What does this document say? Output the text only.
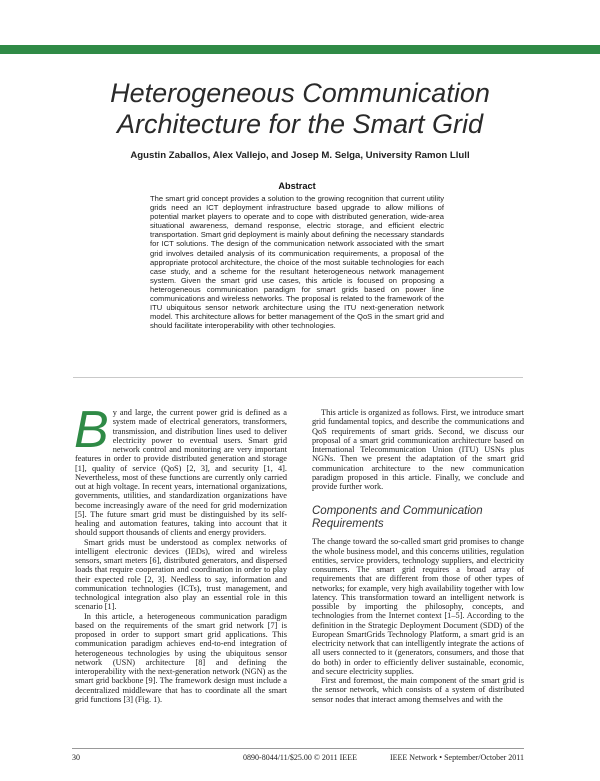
Heterogeneous Communication
Architecture for the Smart Grid
Agustin Zaballos, Alex Vallejo, and Josep M. Selga, University Ramon Llull
Abstract
The smart grid concept provides a solution to the growing recognition that current utility grids need an ICT deployment infrastructure based upgrade to allow millions of potential market players to operate and to cope with distributed generation, wide-area situational awareness, demand response, electric storage, and efficient electric transportation. Smart grid deployment is mainly about defining the necessary standards for ICT solutions. The design of the communication network associated with the smart grid involves detailed analysis of its communication requirements, a proposal of the appropriate protocol architecture, the choice of the most suitable technologies for each case study, and a scheme for the resultant heterogeneous network management system. Given the smart grid use cases, this article is focused on proposing a heterogeneous communication paradigm for smart grids based on power line communications and wireless networks. The proposal is related to the framework of the ITU ubiquitous sensor network architecture using the ITU next-generation network model. This architecture allows for better management of the QoS in the smart grid and should facilitate interoperability with other technologies.

By and large, the current power grid is defined as a system made of electrical generators, transformers, transmission, and distribution lines used to deliver electricity power to eventual users. Smart grid network control and monitoring are very important features in order to provide distributed generation and storage [1], quality of service (QoS) [2, 3], and security [1, 4]. Nevertheless, most of these functions are currently only carried out at high voltage. In recent years, international organizations, governments, utilities, and standardization organizations have become increasingly aware of the need for grid modernization [5]. The future smart grid must be distinguished by its self-healing and automation features, taking into account that it should support thousands of clients and energy providers.

Smart grids must be understood as complex networks of intelligent electronic devices (IEDs), wired and wireless sensors, smart meters [6], distributed generators, and dispersed loads that require cooperation and coordination in order to play their expected role [2, 3]. Needless to say, information and communication technologies (ICTs), trust management, and technological integration also play an essential role in this scenario [1].

In this article, a heterogeneous communication paradigm based on the requirements of the smart grid network [7] is proposed in order to support smart grid applications. This communication paradigm achieves end-to-end integration of heterogeneous technologies by using the ubiquitous sensor network (USN) architecture [8] and defining the interoperability with the next-generation network (NGN) as the smart grid backbone [9]. The framework design must include a decentralized middleware that has to coordinate all the smart grid functions [3] (Fig. 1).

This article is organized as follows. First, we introduce smart grid fundamental topics, and describe the communications and QoS requirements of smart grids. Second, we discuss our proposal of a smart grid communication architecture based on International Telecommunication Union (ITU) USNs plus NGNs. Then we present the adaptation of the smart grid communication architecture to the new communication paradigm proposed in this article. Finally, we conclude and provide further work.

Components and Communication
Requirements

The change toward the so-called smart grid promises to change the whole business model, and this concerns utilities, regulation entities, service providers, technology suppliers, and electricity consumers. The smart grid requires a broad array of requirements that are different from those of other types of networks; for example, very high availability together with low latency. This transformation toward an intelligent network is possible by importing the philosophy, concepts, and technologies from the Internet context [1–5]. According to the definition in the Strategic Deployment Document (SDD) of the European SmartGrids Technology Platform, a smart grid is an electricity network that can intelligently integrate the actions of all users connected to it (generators, consumers, and those that do both) in order to efficiently deliver sustainable, economic, and secure electricity supplies.

First and foremost, the main component of the smart grid is the sensor network, which consists of a system of distributed sensor nodes that interact among themselves and with the

30	0890-8044/11/$25.00 © 2011 IEEE	IEEE Network • September/October 2011
